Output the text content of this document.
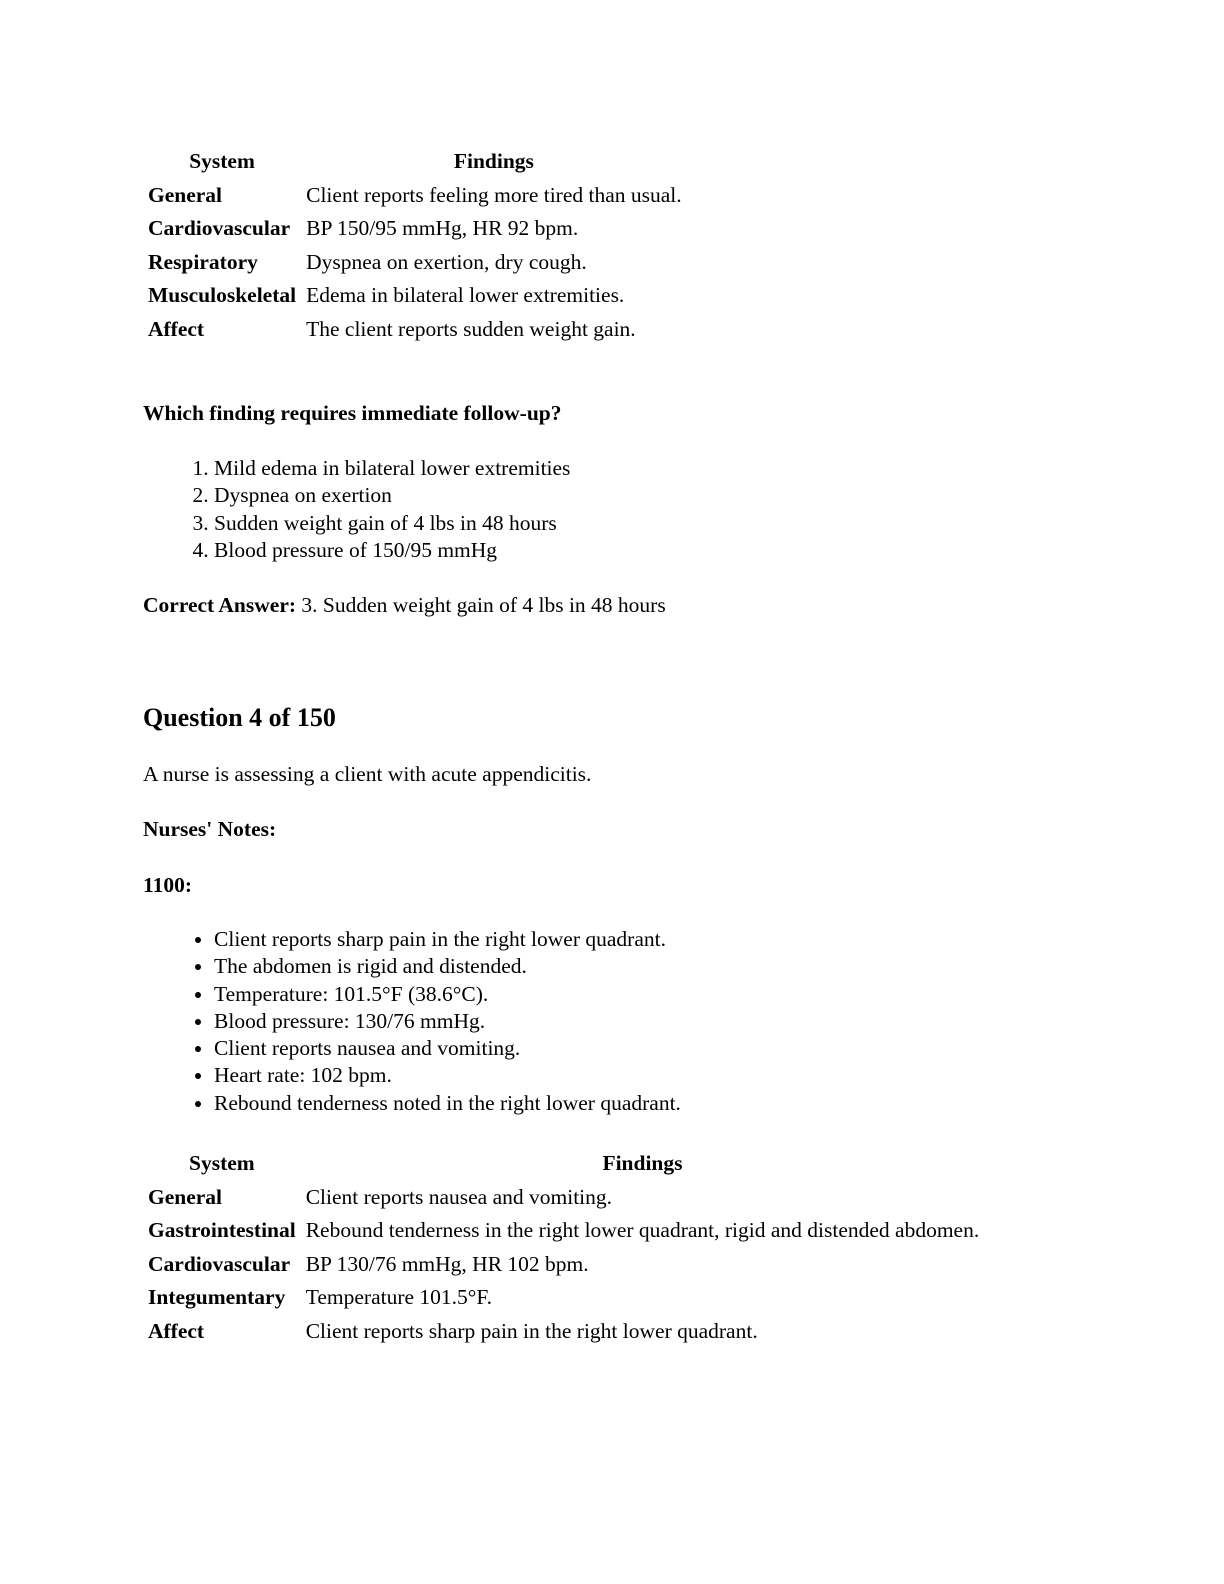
System	Findings
General	Client reports feeling more tired than usual.
Cardiovascular	BP 150/95 mmHg, HR 92 bpm.
Respiratory	Dyspnea on exertion, dry cough.
Musculoskeletal	Edema in bilateral lower extremities.
Affect	The client reports sudden weight gain.
Which finding requires immediate follow-up?
1. Mild edema in bilateral lower extremities
2. Dyspnea on exertion
3. Sudden weight gain of 4 lbs in 48 hours
4. Blood pressure of 150/95 mmHg
Correct Answer: 3. Sudden weight gain of 4 lbs in 48 hours
Question 4 of 150
A nurse is assessing a client with acute appendicitis.
Nurses' Notes:
1100:
• Client reports sharp pain in the right lower quadrant.
• The abdomen is rigid and distended.
• Temperature: 101.5°F (38.6°C).
• Blood pressure: 130/76 mmHg.
• Client reports nausea and vomiting.
• Heart rate: 102 bpm.
• Rebound tenderness noted in the right lower quadrant.
System	Findings
General	Client reports nausea and vomiting.
Gastrointestinal	Rebound tenderness in the right lower quadrant, rigid and distended abdomen.
Cardiovascular	BP 130/76 mmHg, HR 102 bpm.
Integumentary	Temperature 101.5°F.
Affect	Client reports sharp pain in the right lower quadrant.
